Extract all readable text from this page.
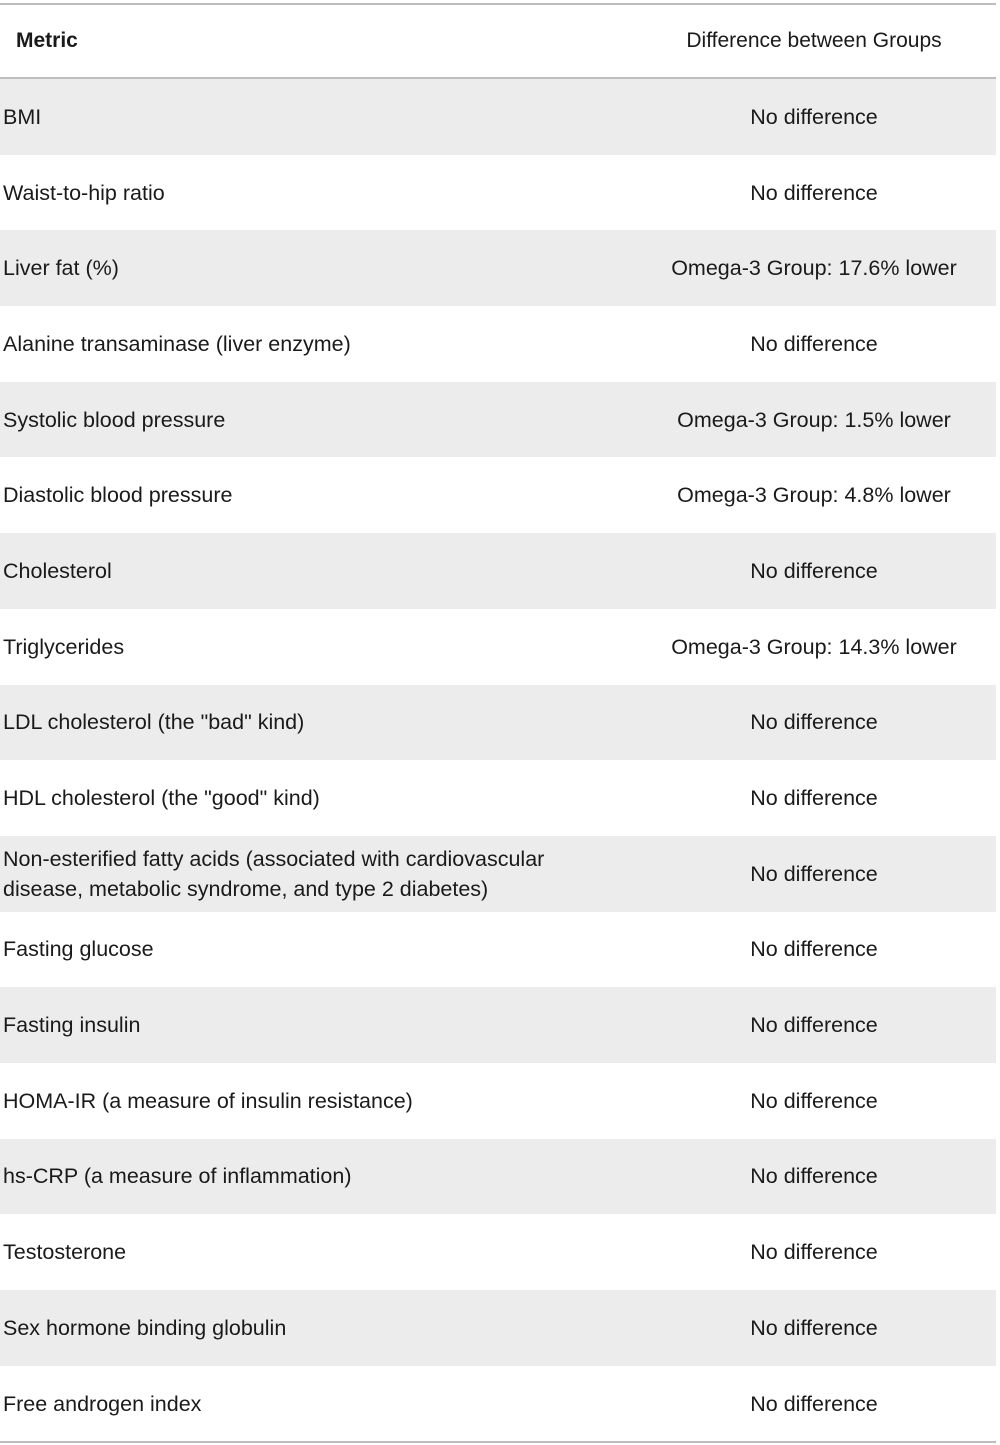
Metric	Difference between Groups
BMI	No difference
Waist-to-hip ratio	No difference
Liver fat (%)	Omega-3 Group: 17.6% lower
Alanine transaminase (liver enzyme)	No difference
Systolic blood pressure	Omega-3 Group: 1.5% lower
Diastolic blood pressure	Omega-3 Group: 4.8% lower
Cholesterol	No difference
Triglycerides	Omega-3 Group: 14.3% lower
LDL cholesterol (the "bad" kind)	No difference
HDL cholesterol (the "good" kind)	No difference
Non-esterified fatty acids (associated with cardiovascular disease, metabolic syndrome, and type 2 diabetes)	No difference
Fasting glucose	No difference
Fasting insulin	No difference
HOMA-IR (a measure of insulin resistance)	No difference
hs-CRP (a measure of inflammation)	No difference
Testosterone	No difference
Sex hormone binding globulin	No difference
Free androgen index	No difference
